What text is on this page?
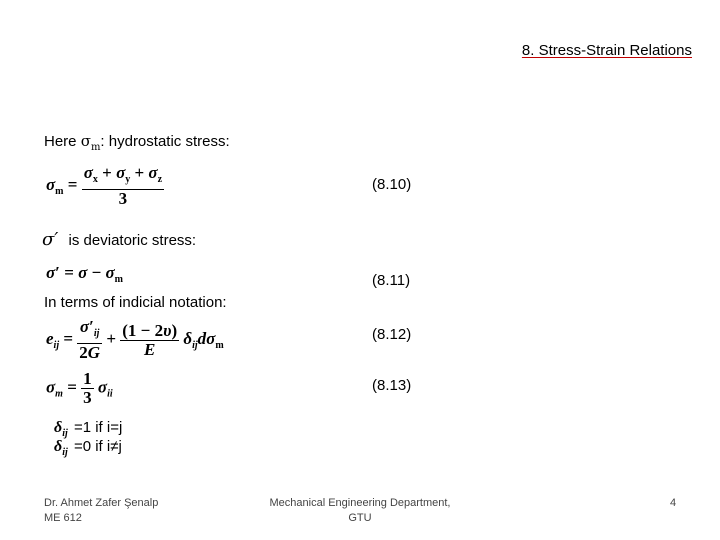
8. Stress-Strain Relations
Here $\sigma_m$: hydrostatic stress:
$\sigma_m = \frac{\sigma_x + \sigma_y + \sigma_z}{3}$	(8.10)
σ′ is deviatoric stress:
$\sigma' = \sigma - \sigma_m$	(8.11)
In terms of indicial notation:
$e_{ij} = \frac{\sigma'_{ij}}{2G} + \frac{(1 - 2\upsilon)}{E} \delta_{ij}d\sigma_m$
(8.12)
$\sigma_m = \frac{1}{3} \sigma_{ii}$	(8.13)
$\delta_{ij} =1$ if i=j
$\delta_{ij} =0$ if i≠j
Dr. Ahmet Zafer Şenalp
ME 612
Mechanical Engineering Department,
GTU
4
